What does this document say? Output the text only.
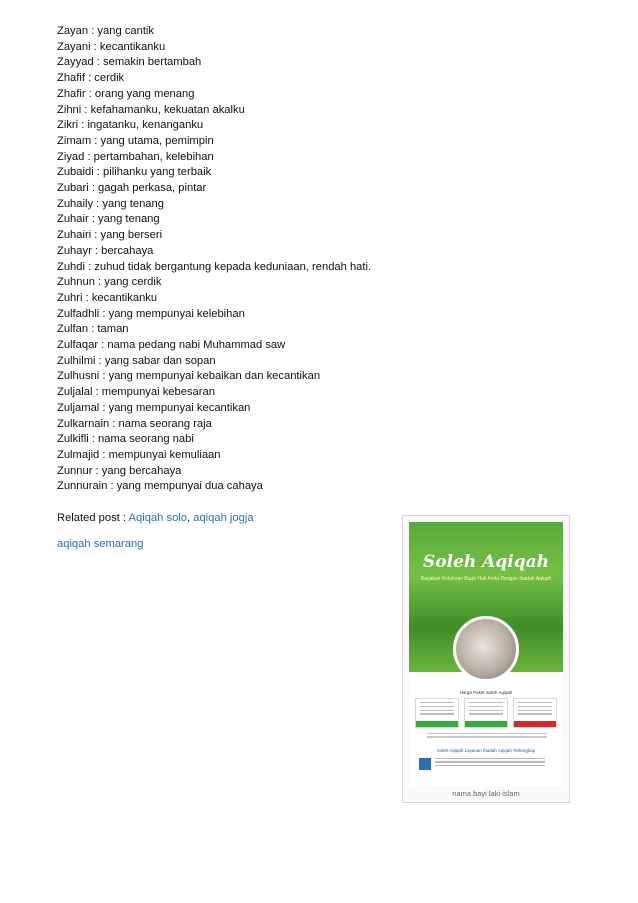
Zayan : yang cantik
Zayani : kecantikanku
Zayyad : semakin bertambah
Zhafif : cerdik
Zhafir : orang yang menang
Zihni : kefahamanku, kekuatan akalku
Zikri : ingatanku, kenanganku
Zimam : yang utama, pemimpin
Ziyad : pertambahan, kelebihan
Zubaidi : pilihanku yang terbaik
Zubari : gagah perkasa, pintar
Zuhaily : yang tenang
Zuhair : yang tenang
Zuhairi : yang berseri
Zuhayr : bercahaya
Zuhdi : zuhud tidak bergantung kepada keduniaan, rendah hati.
Zuhnun : yang cerdik
Zuhri : kecantikanku
Zulfadhli : yang mempunyai kelebihan
Zulfan : taman
Zulfaqar : nama pedang nabi Muhammad saw
Zulhilmi : yang sabar dan sopan
Zulhusni : yang mempunyai kebaikan dan kecantikan
Zuljalal : mempunyai kebesaran
Zuljamal : yang mempunyai kecantikan
Zulkarnain : nama seorang raja
Zulkifli : nama seorang nabi
Zulmajid : mempunyai kemuliaan
Zunnur : yang bercahaya
Zunnurain : yang mempunyai dua cahaya
Related post : Aqiqah solo, aqiqah jogja
aqiqah semarang
Soleh Aqiqah
Rayakan Kelahiran Buah Hati Anda Dengan Ibadah Aqiqah
Harga Paket Soleh Aqiqah
Soleh Aqiqah Layanan Ibadah Aqiqah Terlengkap
nama bayi laki islam
